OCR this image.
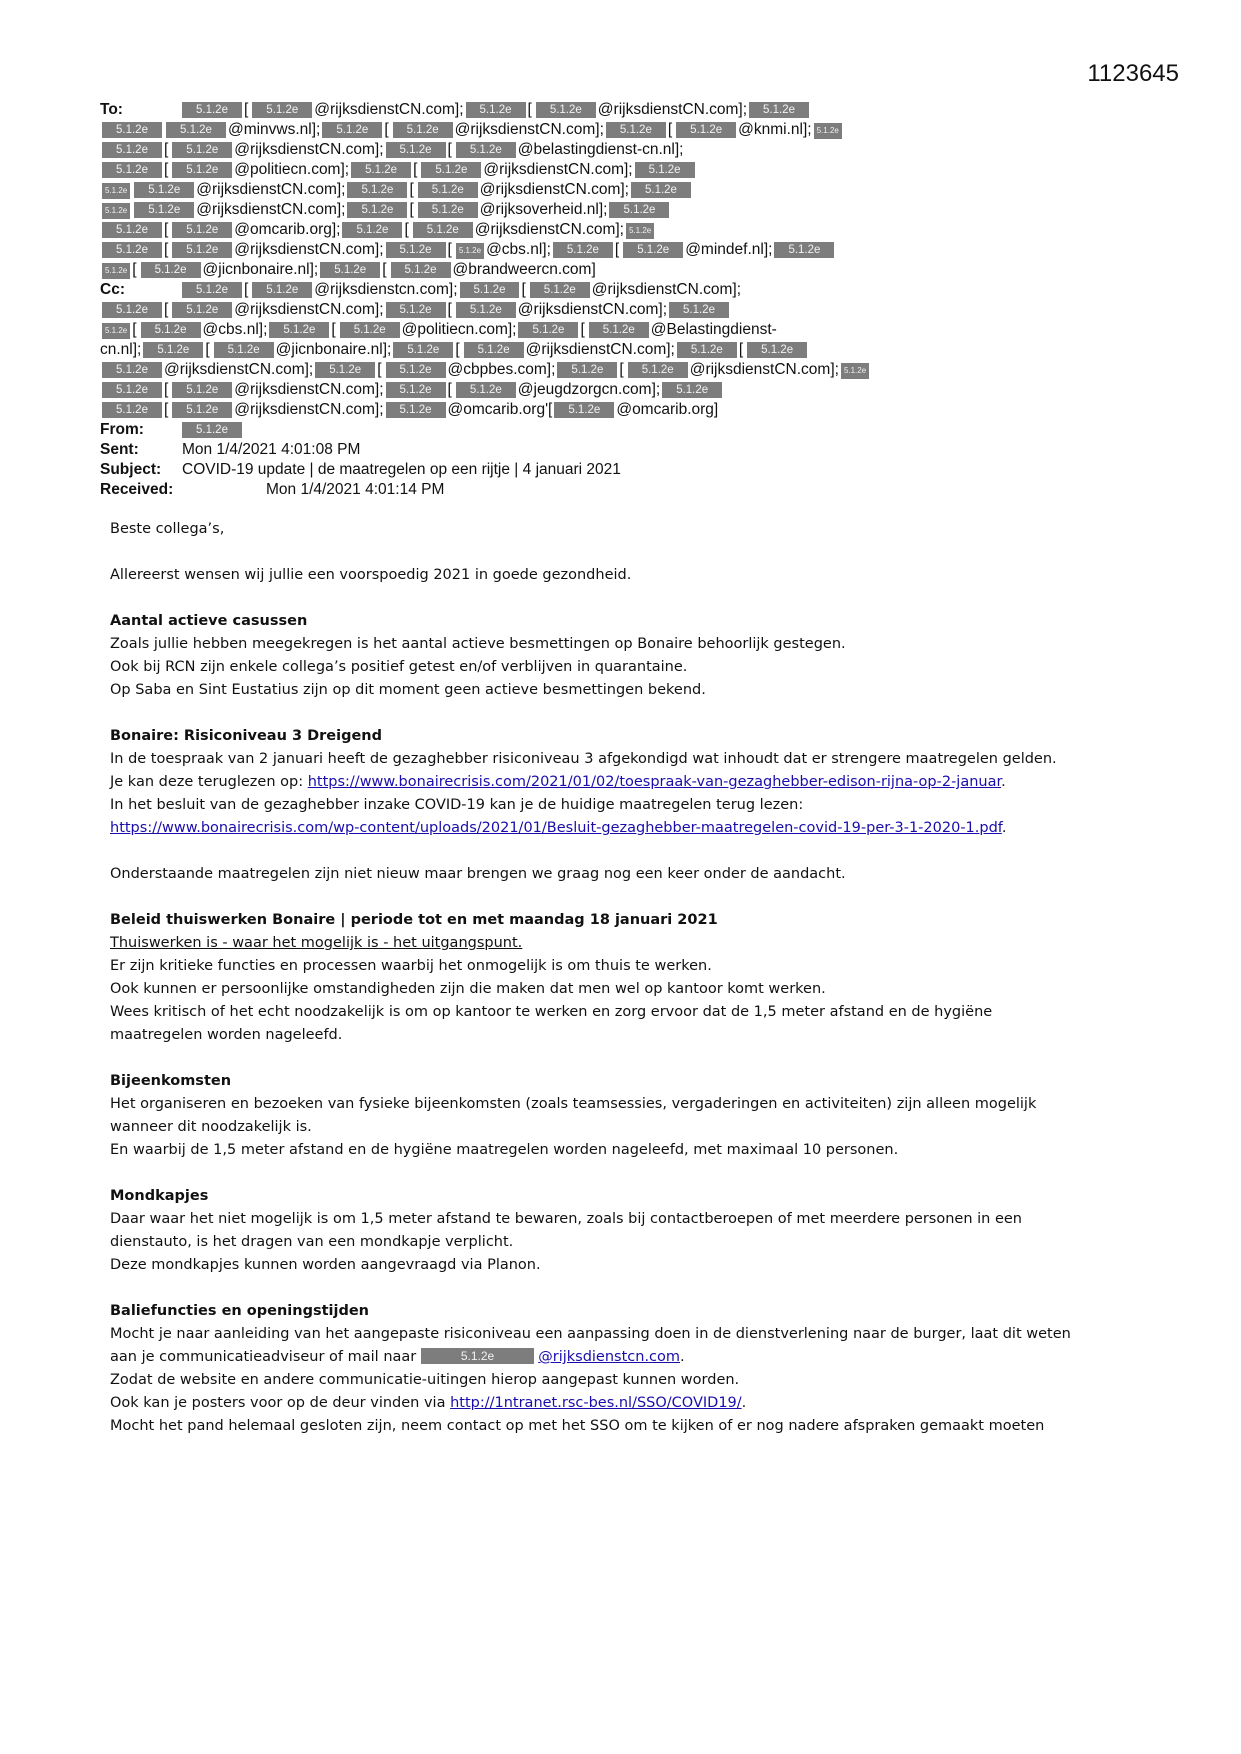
1123645
To:	5.1.2e [ 5.1.2e @rijksdienstCN.com]; 5.1.2e [ 5.1.2e @rijksdienstCN.com]; 5.1.2e
5.1.2e	5.1.2e @minvws.nl]; 5.1.2e [ 5.1.2e @rijksdienstCN.com]; 5.1.2e [ 5.1.2e @knmi.nl]; 5.1.2e
5.1.2e [ 5.1.2e @rijksdienstCN.com]; 5.1.2e [ 5.1.2e @belastingdienst-cn.nl];
5.1.2e [ 5.1.2e @politiecn.com]; 5.1.2e [ 5.1.2e @rijksdienstCN.com]; 5.1.2e
5.1.2e 5.1.2e @rijksdienstCN.com]; 5.1.2e [ 5.1.2e @rijksdienstCN.com]; 5.1.2e
5.1.2e 5.1.2e @rijksdienstCN.com]; 5.1.2e [ 5.1.2e @rijksoverheid.nl]; 5.1.2e
5.1.2e [ 5.1.2e @omcarib.org]; 5.1.2e [ 5.1.2e @rijksdienstCN.com]; 5.1.2e
5.1.2e [ 5.1.2e @rijksdienstCN.com]; 5.1.2e [ 5.1.2e @cbs.nl]; 5.1.2e [ 5.1.2e @mindef.nl]; 5.1.2e
5.1.2e [ 5.1.2e @jicnbonaire.nl]; 5.1.2e [ 5.1.2e @brandweercn.com]
Cc:	5.1.2e [ 5.1.2e @rijksdienstcn.com]; 5.1.2e [ 5.1.2e @rijksdienstCN.com];
5.1.2e [ 5.1.2e @rijksdienstCN.com]; 5.1.2e [ 5.1.2e @rijksdienstCN.com]; 5.1.2e
5.1.2e [ 5.1.2e @cbs.nl]; 5.1.2e [ 5.1.2e @politiecn.com]; 5.1.2e [ 5.1.2e @Belastingdienst-
cn.nl]; 5.1.2e [ 5.1.2e @jicnbonaire.nl]; 5.1.2e [ 5.1.2e @rijksdienstCN.com]; 5.1.2e [ 5.1.2e
5.1.2e @rijksdienstCN.com]; 5.1.2e [ 5.1.2e @cbpbes.com]; 5.1.2e [ 5.1.2e @rijksdienstCN.com]; 5.1.2e
5.1.2e [ 5.1.2e @rijksdienstCN.com]; 5.1.2e [ 5.1.2e @jeugdzorgcn.com]; 5.1.2e
5.1.2e [ 5.1.2e @rijksdienstCN.com]; 5.1.2e @omcarib.org'[ 5.1.2e @omcarib.org]
From:	5.1.2e
Sent:	Mon 1/4/2021 4:01:08 PM
Subject: COVID-19 update | de maatregelen op een rijtje | 4 januari 2021
Received:	Mon 1/4/2021 4:01:14 PM

Beste collega’s,

Allereerst wensen wij jullie een voorspoedig 2021 in goede gezondheid.

Aantal actieve casussen

Zoals jullie hebben meegekregen is het aantal actieve besmettingen op Bonaire behoorlijk gestegen.

Ook bij RCN zijn enkele collega’s positief getest en/of verblijven in quarantaine.

Op Saba en Sint Eustatius zijn op dit moment geen actieve besmettingen bekend.

Bonaire: Risiconiveau 3 Dreigend

In de toespraak van 2 januari heeft de gezaghebber risiconiveau 3 afgekondigd wat inhoudt dat er strengere maatregelen gelden.

Je kan deze teruglezen op: https://www.bonairecrisis.com/2021/01/02/toespraak-van-gezaghebber-edison-rijna-op-2-januar.

In het besluit van de gezaghebber inzake COVID-19 kan je de huidige maatregelen terug lezen:

https://www.bonairecrisis.com/wp-content/uploads/2021/01/Besluit-gezaghebber-maatregelen-covid-19-per-3-1-2020-1.pdf.

Onderstaande maatregelen zijn niet nieuw maar brengen we graag nog een keer onder de aandacht.

Beleid thuiswerken Bonaire | periode tot en met maandag 18 januari 2021

Thuiswerken is - waar het mogelijk is - het uitgangspunt.

Er zijn kritieke functies en processen waarbij het onmogelijk is om thuis te werken.

Ook kunnen er persoonlijke omstandigheden zijn die maken dat men wel op kantoor komt werken.

Wees kritisch of het echt noodzakelijk is om op kantoor te werken en zorg ervoor dat de 1,5 meter afstand en de hygiëne

maatregelen worden nageleefd.

Bijeenkomsten

Het organiseren en bezoeken van fysieke bijeenkomsten (zoals teamsessies, vergaderingen en activiteiten) zijn alleen mogelijk

wanneer dit noodzakelijk is.

En waarbij de 1,5 meter afstand en de hygiëne maatregelen worden nageleefd, met maximaal 10 personen.

Mondkapjes

Daar waar het niet mogelijk is om 1,5 meter afstand te bewaren, zoals bij contactberoepen of met meerdere personen in een

dienstauto, is het dragen van een mondkapje verplicht.

Deze mondkapjes kunnen worden aangevraagd via Planon.

Baliefuncties en openingstijden

Mocht je naar aanleiding van het aangepaste risiconiveau een aanpassing doen in de dienstverlening naar de burger, laat dit weten

aan je communicatieadviseur of mail naar	5.1.2e	@rijksdienstcn.com.

Zodat de website en andere communicatie-uitingen hierop aangepast kunnen worden.

Ook kan je posters voor op de deur vinden via http://1ntranet.rsc-bes.nl/SSO/COVID19/.

Mocht het pand helemaal gesloten zijn, neem contact op met het SSO om te kijken of er nog nadere afspraken gemaakt moeten
